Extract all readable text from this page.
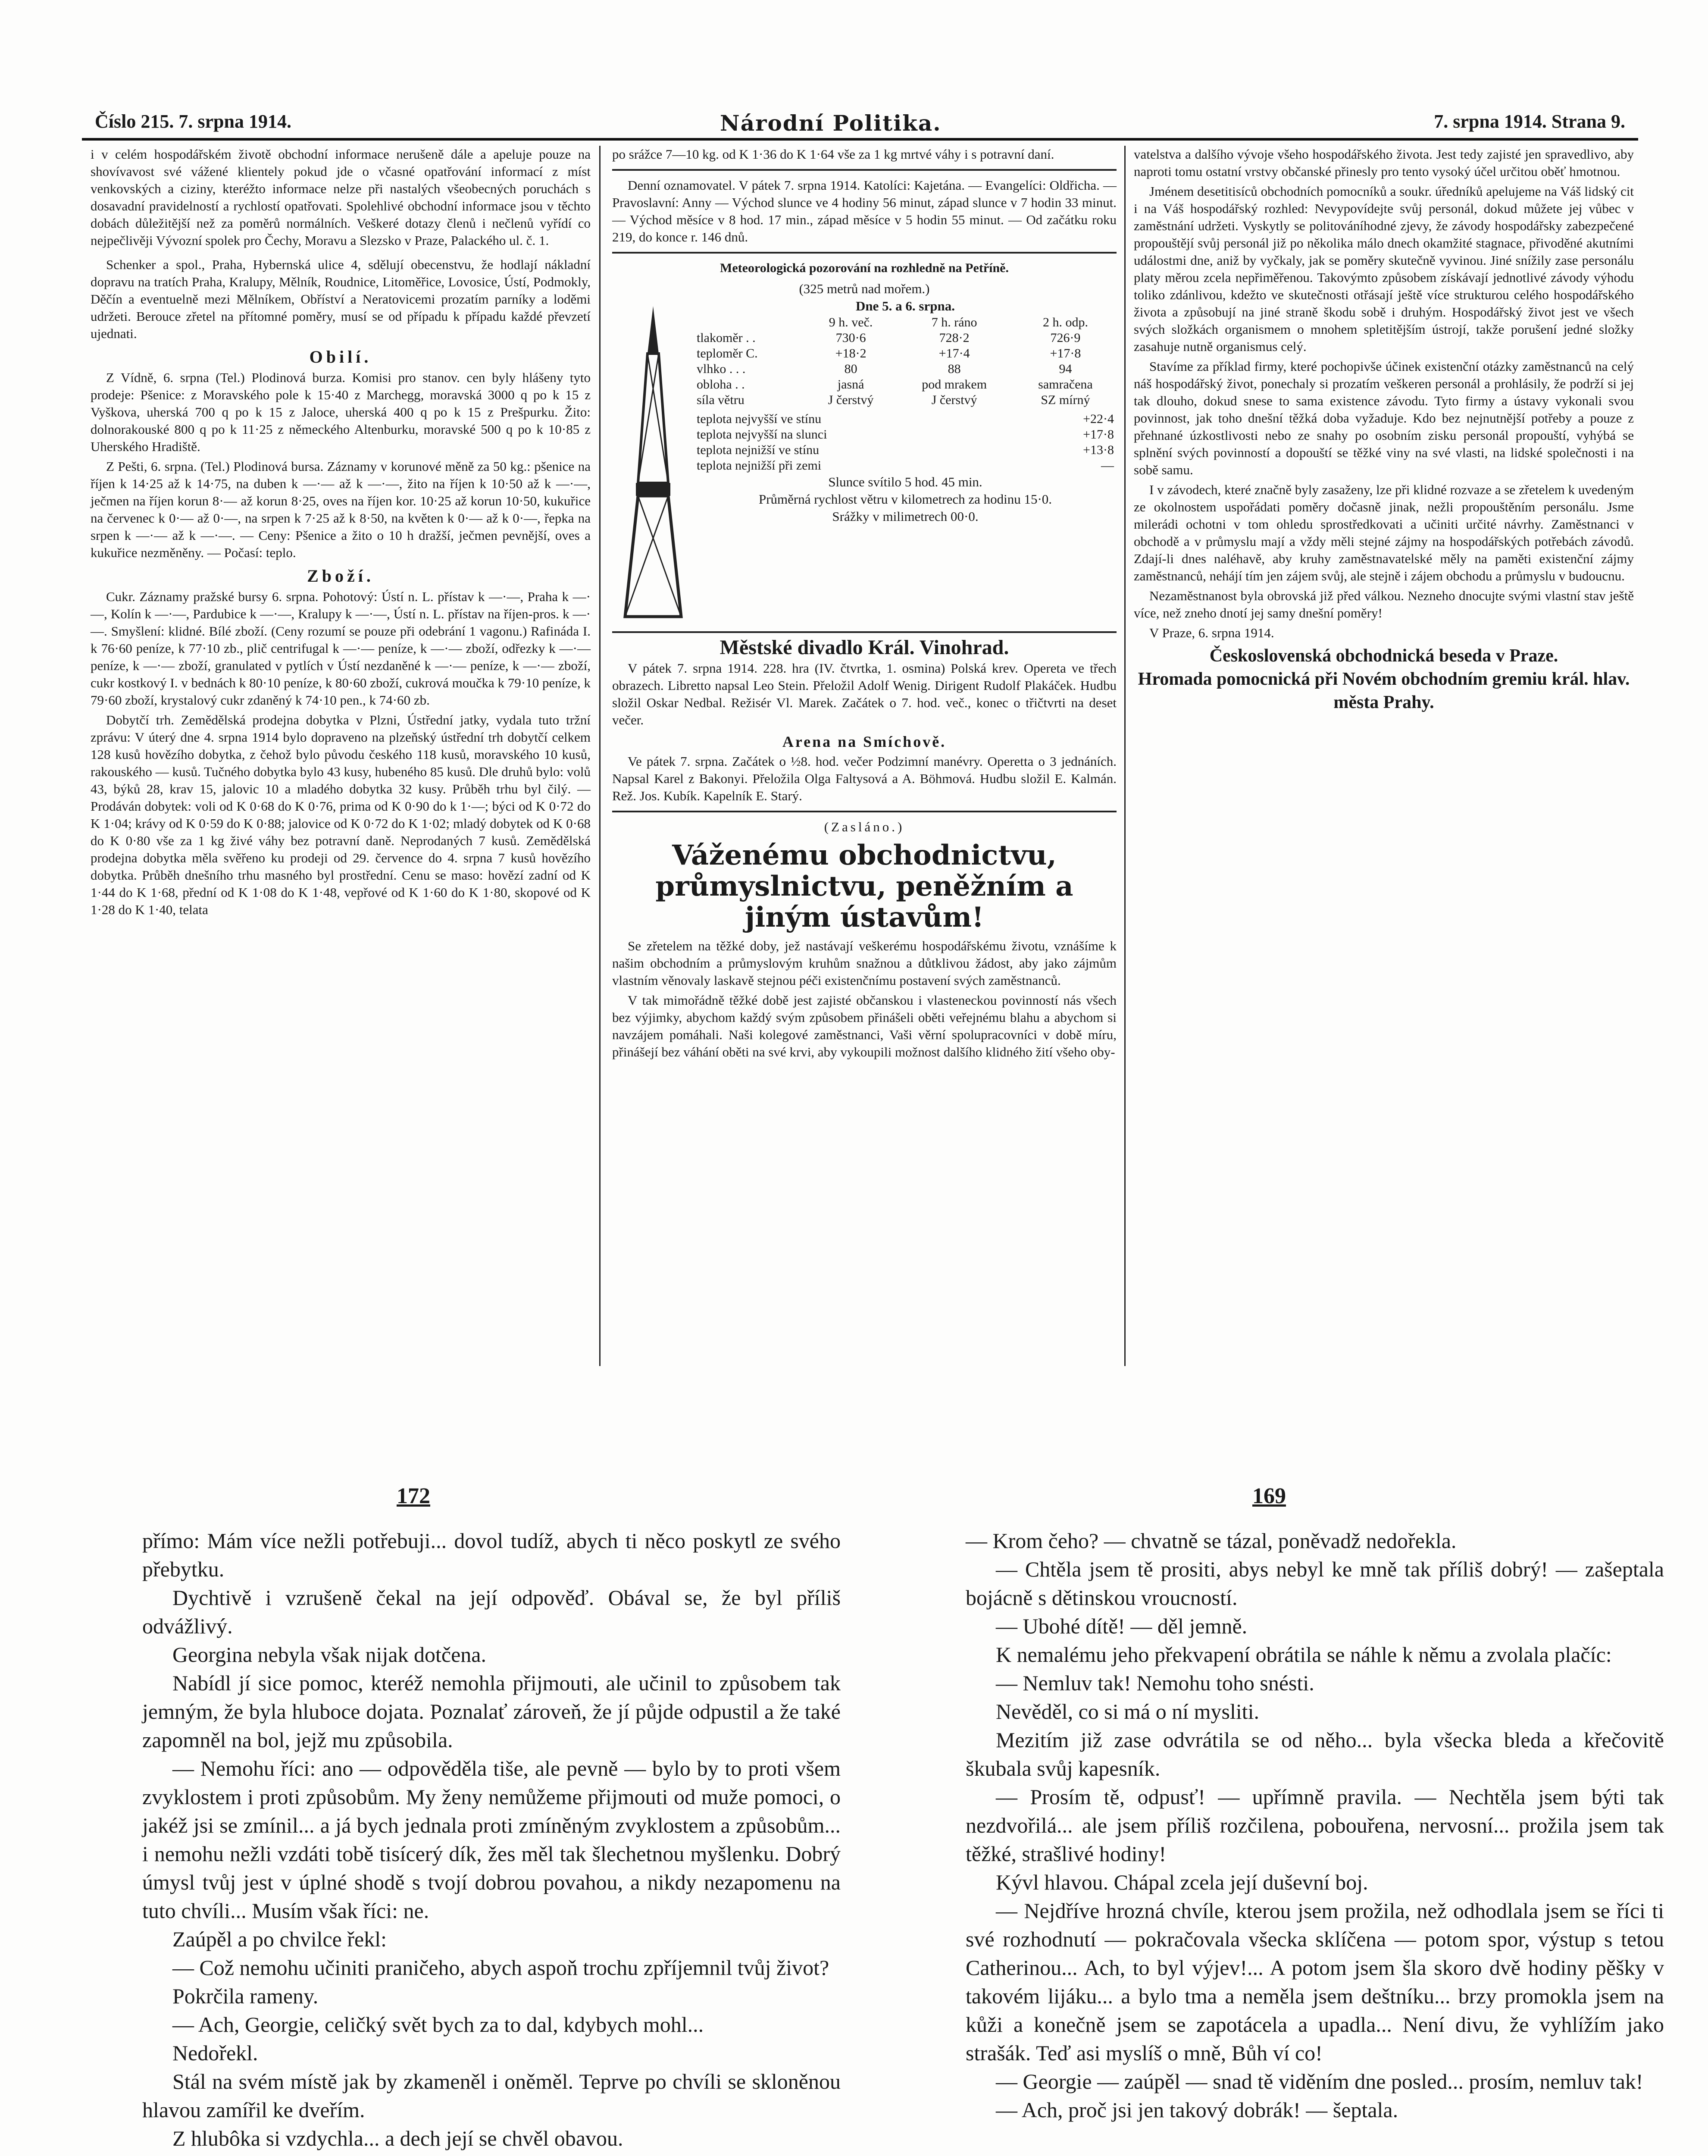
Číslo 215. 7. srpna 1914.	Národní Politika.	7. srpna 1914. Strana 9.

i v celém hospodářském životě obchodní informace nerušeně dále a apeluje pouze na shovívavost své vážené klientely pokud jde o včasné opatřování informací z míst venkovských a ciziny, kteréžto informace nelze při nastalých všeobecných poruchách s dosavadní pravidelností a rychlostí opatřovati. Spolehlivé obchodní informace jsou v těchto dobách důležitější než za poměrů normálních. Veškeré dotazy členů i nečlenů vyřídí co nejpečlivěji Vývozní spolek pro Čechy, Moravu a Slezsko v Praze, Palackého ul. č. 1.

Schenker a spol., Praha, Hybernská ulice 4, sdělují obecenstvu, že hodlají nákladní dopravu na tratích Praha, Kralupy, Mělník, Roudnice, Litoměřice, Lovosice, Ústí, Podmokly, Děčín a eventuelně mezi Mělníkem, Obříství a Neratovicemi prozatím parníky a loděmi udržeti. Berouce zřetel na přítomné poměry, musí se od případu k případu každé převzetí ujednati.

Obilí.

Z Vídně, 6. srpna (Tel.) Plodinová burza. Komisi pro stanov. cen byly hlášeny tyto prodeje: Pšenice: z Moravského pole k 15·40 z Marchegg, moravská 3000 q po k 15 z Vyškova, uherská 700 q po k 15 z Jaloce, uherská 400 q po k 15 z Prešpurku. Žito: dolnorakouské 800 q po k 11·25 z německého Altenburku, moravské 500 q po k 10·85 z Uherského Hradiště.

Z Pešti, 6. srpna. (Tel.) Plodinová bursa. Záznamy v korunové měně za 50 kg.: pšenice na říjen k 14·25 až k 14·75, na duben k —·— až k —·—, žito na říjen k 10·50 až k —·—, ječmen na říjen korun 8·— až korun 8·25, oves na říjen kor. 10·25 až korun 10·50, kukuřice na červenec k 0·— až 0·—, na srpen k 7·25 až k 8·50, na květen k 0·— až k 0·—, řepka na srpen k —·— až k —·—. — Ceny: Pšenice a žito o 10 h dražší, ječmen pevnější, oves a kukuřice nezměněny. — Počasí: teplo.

Zboží.

Cukr. Záznamy pražské bursy 6. srpna. Pohotový: Ústí n. L. přístav k —·—, Praha k —·—, Kolín k —·—, Pardubice k —·—, Kralupy k —·—, Ústí n. L. přístav na říjen-pros. k —·—. Smyšlení: klidné. Bílé zboží. (Ceny rozumí se pouze při odebrání 1 vagonu.) Rafináda I. k 76·60 peníze, k 77·10 zb., plič centrifugal k —·— peníze, k —·— zboží, odřezky k —·— peníze, k —·— zboží, granulated v pytlích v Ústí nezdaněné k —·— peníze, k —·— zboží, cukr kostkový I. v bednách k 80·10 peníze, k 80·60 zboží, cukrová moučka k 79·10 peníze, k 79·60 zboží, krystalový cukr zdaněný k 74·10 pen., k 74·60 zb.

Dobytčí trh. Zemědělská prodejna dobytka v Plzni, Ústřední jatky, vydala tuto tržní zprávu: V úterý dne 4. srpna 1914 bylo dopraveno na plzeňský ústřední trh dobytčí celkem 128 kusů hovězího dobytka, z čehož bylo původu českého 118 kusů, moravského 10 kusů, rakouského — kusů. Tučného dobytka bylo 43 kusy, hubeného 85 kusů. Dle druhů bylo: volů 43, býků 28, krav 15, jalovic 10 a mladého dobytka 32 kusy. Průběh trhu byl čilý. — Prodáván dobytek: voli od K 0·68 do K 0·76, prima od K 0·90 do k 1·—; býci od K 0·72 do K 1·04; krávy od K 0·59 do K 0·88; jalovice od K 0·72 do K 1·02; mladý dobytek od K 0·68 do K 0·80 vše za 1 kg živé váhy bez potravní daně. Neprodaných 7 kusů. Zemědělská prodejna dobytka měla svěřeno ku prodeji od 29. července do 4. srpna 7 kusů hovězího dobytka. Průběh dnešního trhu masného byl prostřední. Cenu se maso: hovězí zadní od K 1·44 do K 1·68, přední od K 1·08 do K 1·48, vepřové od K 1·60 do K 1·80, skopové od K 1·28 do K 1·40, telata

po srážce 7—10 kg. od K 1·36 do K 1·64 vše za 1 kg mrtvé váhy i s potravní daní.

Denní oznamovatel. V pátek 7. srpna 1914. Katolíci: Kajetána. — Evangelíci: Oldřicha. — Pravoslavní: Anny — Východ slunce ve 4 hodiny 56 minut, západ slunce v 7 hodin 33 minut. — Východ měsíce v 8 hod. 17 min., západ měsíce v 5 hodin 55 minut. — Od začátku roku 219, do konce r. 146 dnů.

Meteorologická pozorování na rozhledně na Petříně.
(325 metrů nad mořem.)
Dne 5. a 6. srpna.
	9 h. več.	7 h. ráno	2 h. odp.
tlakoměr . .	730·6	728·2	726·9
teploměr C.	+18·2	+17·4	+17·8
vlhko . . .	80	88	94
obloha . .	jasná	pod mrakem	samračena
síla větru	J čerstvý	J čerstvý	SZ mírný
teplota nejvyšší ve stínu	+22·4
teplota nejvyšší na slunci	+17·8
teplota nejnižší ve stínu	+13·8
teplota nejnižší při zemi	—
Slunce svítilo 5 hod. 45 min.
Průměrná rychlost větru v kilometrech za hodinu 15·0.
Srážky v milimetrech 00·0.
Městské divadlo Král. Vinohrad.

V pátek 7. srpna 1914. 228. hra (IV. čtvrtka, 1. osmina) Polská krev. Opereta ve třech obrazech. Libretto napsal Leo Stein. Přeložil Adolf Wenig. Dirigent Rudolf Plakáček. Hudbu složil Oskar Nedbal. Režisér Vl. Marek. Začátek o 7. hod. več., konec o třičtvrti na deset večer.

Arena na Smíchově.

Ve pátek 7. srpna. Začátek o ½8. hod. večer Podzimní manévry. Operetta o 3 jednáních. Napsal Karel z Bakonyi. Přeložila Olga Faltysová a A. Böhmová. Hudbu složil E. Kalmán. Rež. Jos. Kubík. Kapelník E. Starý.

(Zasláno.)
Váženému obchodnictvu, průmyslnictvu, peněžním a jiným ústavům!

Se zřetelem na těžké doby, jež nastávají veškerému hospodářskému životu, vznášíme k našim obchodním a průmyslovým kruhům snažnou a důtklivou žádost, aby jako zájmům vlastním věnovaly laskavě stejnou péči existenčnímu postavení svých zaměstnanců.

V tak mimořádně těžké době jest zajisté občanskou i vlasteneckou povinností nás všech bez výjimky, abychom každý svým způsobem přinášeli oběti veřejnému blahu a abychom si navzájem pomáhali. Naši kolegové zaměstnanci, Vaši věrní spolupracovníci v době míru, přinášejí bez váhání oběti na své krvi, aby vykoupili možnost dalšího klidného žití všeho oby-

vatelstva a dalšího vývoje všeho hospodářského života. Jest tedy zajisté jen spravedlivo, aby naproti tomu ostatní vrstvy občanské přinesly pro tento vysoký účel určitou oběť hmotnou.

Jménem desetitisíců obchodních pomocníků a soukr. úředníků apelujeme na Váš lidský cit i na Váš hospodářský rozhled: Nevypovídejte svůj personál, dokud můžete jej vůbec v zaměstnání udržeti. Vyskytly se politováníhodné zjevy, že závody hospodářsky zabezpečené propouštějí svůj personál již po několika málo dnech okamžité stagnace, přivoděné akutními událostmi dne, aniž by vyčkaly, jak se poměry skutečně vyvinou. Jiné snížily zase personálu platy měrou zcela nepřiměřenou. Takovýmto způsobem získávají jednotlivé závody výhodu toliko zdánlivou, kdežto ve skutečnosti otřásají ještě více strukturou celého hospodářského života a způsobují na jiné straně škodu sobě i druhým. Hospodářský život jest ve všech svých složkách organismem o mnohem spletitějším ústrojí, takže porušení jedné složky zasahuje nutně organismus celý.

Stavíme za příklad firmy, které pochopivše účinek existenční otázky zaměstnanců na celý náš hospodářský život, ponechaly si prozatím veškeren personál a prohlásily, že podrží si jej tak dlouho, dokud snese to sama existence závodu. Tyto firmy a ústavy vykonali svou povinnost, jak toho dnešní těžká doba vyžaduje. Kdo bez nejnutnější potřeby a pouze z přehnané úzkostlivosti nebo ze snahy po osobním zisku personál propouští, vyhýbá se splnění svých povinností a dopouští se těžké viny na své vlasti, na lidské společnosti i na sobě samu.

I v závodech, které značně byly zasaženy, lze při klidné rozvaze a se zřetelem k uvedeným ze okolnostem uspořádati poměry dočasně jinak, nežli propouštěním personálu. Jsme milerádi ochotni v tom ohledu sprostředkovati a učiniti určité návrhy. Zaměstnanci v obchodě a v průmyslu mají a vždy měli stejné zájmy na hospodářských potřebách závodů. Zdají-li dnes naléhavě, aby kruhy zaměstnavatelské měly na paměti existenční zájmy zaměstnanců, nehájí tím jen zájem svůj, ale stejně i zájem obchodu a průmyslu v budoucnu.

Nezaměstnanost byla obrovská již před válkou. Nezneho dnocujte svými vlastní stav ještě více, než zneho dnotí jej samy dnešní poměry!

V Praze, 6. srpna 1914.

Československá obchodnická beseda v Praze.
Hromada pomocnická při Novém obchodním gremiu král. hlav. města Prahy.
172	169

přímo: Mám více nežli potřebuji... dovol tudíž, abych ti něco poskytl ze svého přebytku.

Dychtivě i vzrušeně čekal na její odpověď. Obával se, že byl příliš odvážlivý.

Georgina nebyla však nijak dotčena.

Nabídl jí sice pomoc, kteréž nemohla přijmouti, ale učinil to způsobem tak jemným, že byla hluboce dojata. Poznalať zároveň, že jí půjde odpustil a že také zapomněl na bol, jejž mu způsobila.

— Nemohu říci: ano — odpověděla tiše, ale pevně — bylo by to proti všem zvyklostem i proti způsobům. My ženy nemůžeme přijmouti od muže pomoci, o jakéž jsi se zmínil... a já bych jednala proti zmíněným zvyklostem a způsobům... i nemohu nežli vzdáti tobě tisícerý dík, žes měl tak šlechetnou myšlenku. Dobrý úmysl tvůj jest v úplné shodě s tvojí dobrou povahou, a nikdy nezapomenu na tuto chvíli... Musím však říci: ne.

Zaúpěl a po chvilce řekl:

— Což nemohu učiniti praničeho, abych aspoň trochu zpříjemnil tvůj život?

Pokrčila rameny.

— Ach, Georgie, celičký svět bych za to dal, kdybych mohl...

Nedořekl.

Stál na svém místě jak by zkameněl i oněměl. Teprve po chvíli se skloněnou hlavou zamířil ke dveřím.

Z hlubôka si vzdychla... a dech její se chvěl obavou.

— Krom čeho? — chvatně se tázal, poněvadž nedořekla.

— Chtěla jsem tě prositi, abys nebyl ke mně tak příliš dobrý! — zašeptala bojácně s dětinskou vroucností.

— Ubohé dítě! — děl jemně.

K nemalému jeho překvapení obrátila se náhle k němu a zvolala plačíc:

— Nemluv tak! Nemohu toho snésti.

Nevěděl, co si má o ní mysliti.

Mezitím již zase odvrátila se od něho... byla všecka bleda a křečovitě škubala svůj kapesník.

— Prosím tě, odpusť! — upřímně pravila. — Nechtěla jsem býti tak nezdvořilá... ale jsem příliš rozčilena, pobouřena, nervosní... prožila jsem tak těžké, strašlivé hodiny!

Kývl hlavou. Chápal zcela její duševní boj.

— Nejdříve hrozná chvíle, kterou jsem prožila, než odhodlala jsem se říci ti své rozhodnutí — pokračovala všecka sklíčena — potom spor, výstup s tetou Catherinou... Ach, to byl výjev!... A potom jsem šla skoro dvě hodiny pěšky v takovém lijáku... a bylo tma a neměla jsem deštníku... brzy promokla jsem na kůži a konečně jsem se zapotácela a upadla... Není divu, že vyhlížím jako strašák. Teď asi myslíš o mně, Bůh ví co!

— Georgie — zaúpěl — snad tě viděním dne posled... prosím, nemluv tak!

— Ach, proč jsi jen takový dobrák! — šeptala.
